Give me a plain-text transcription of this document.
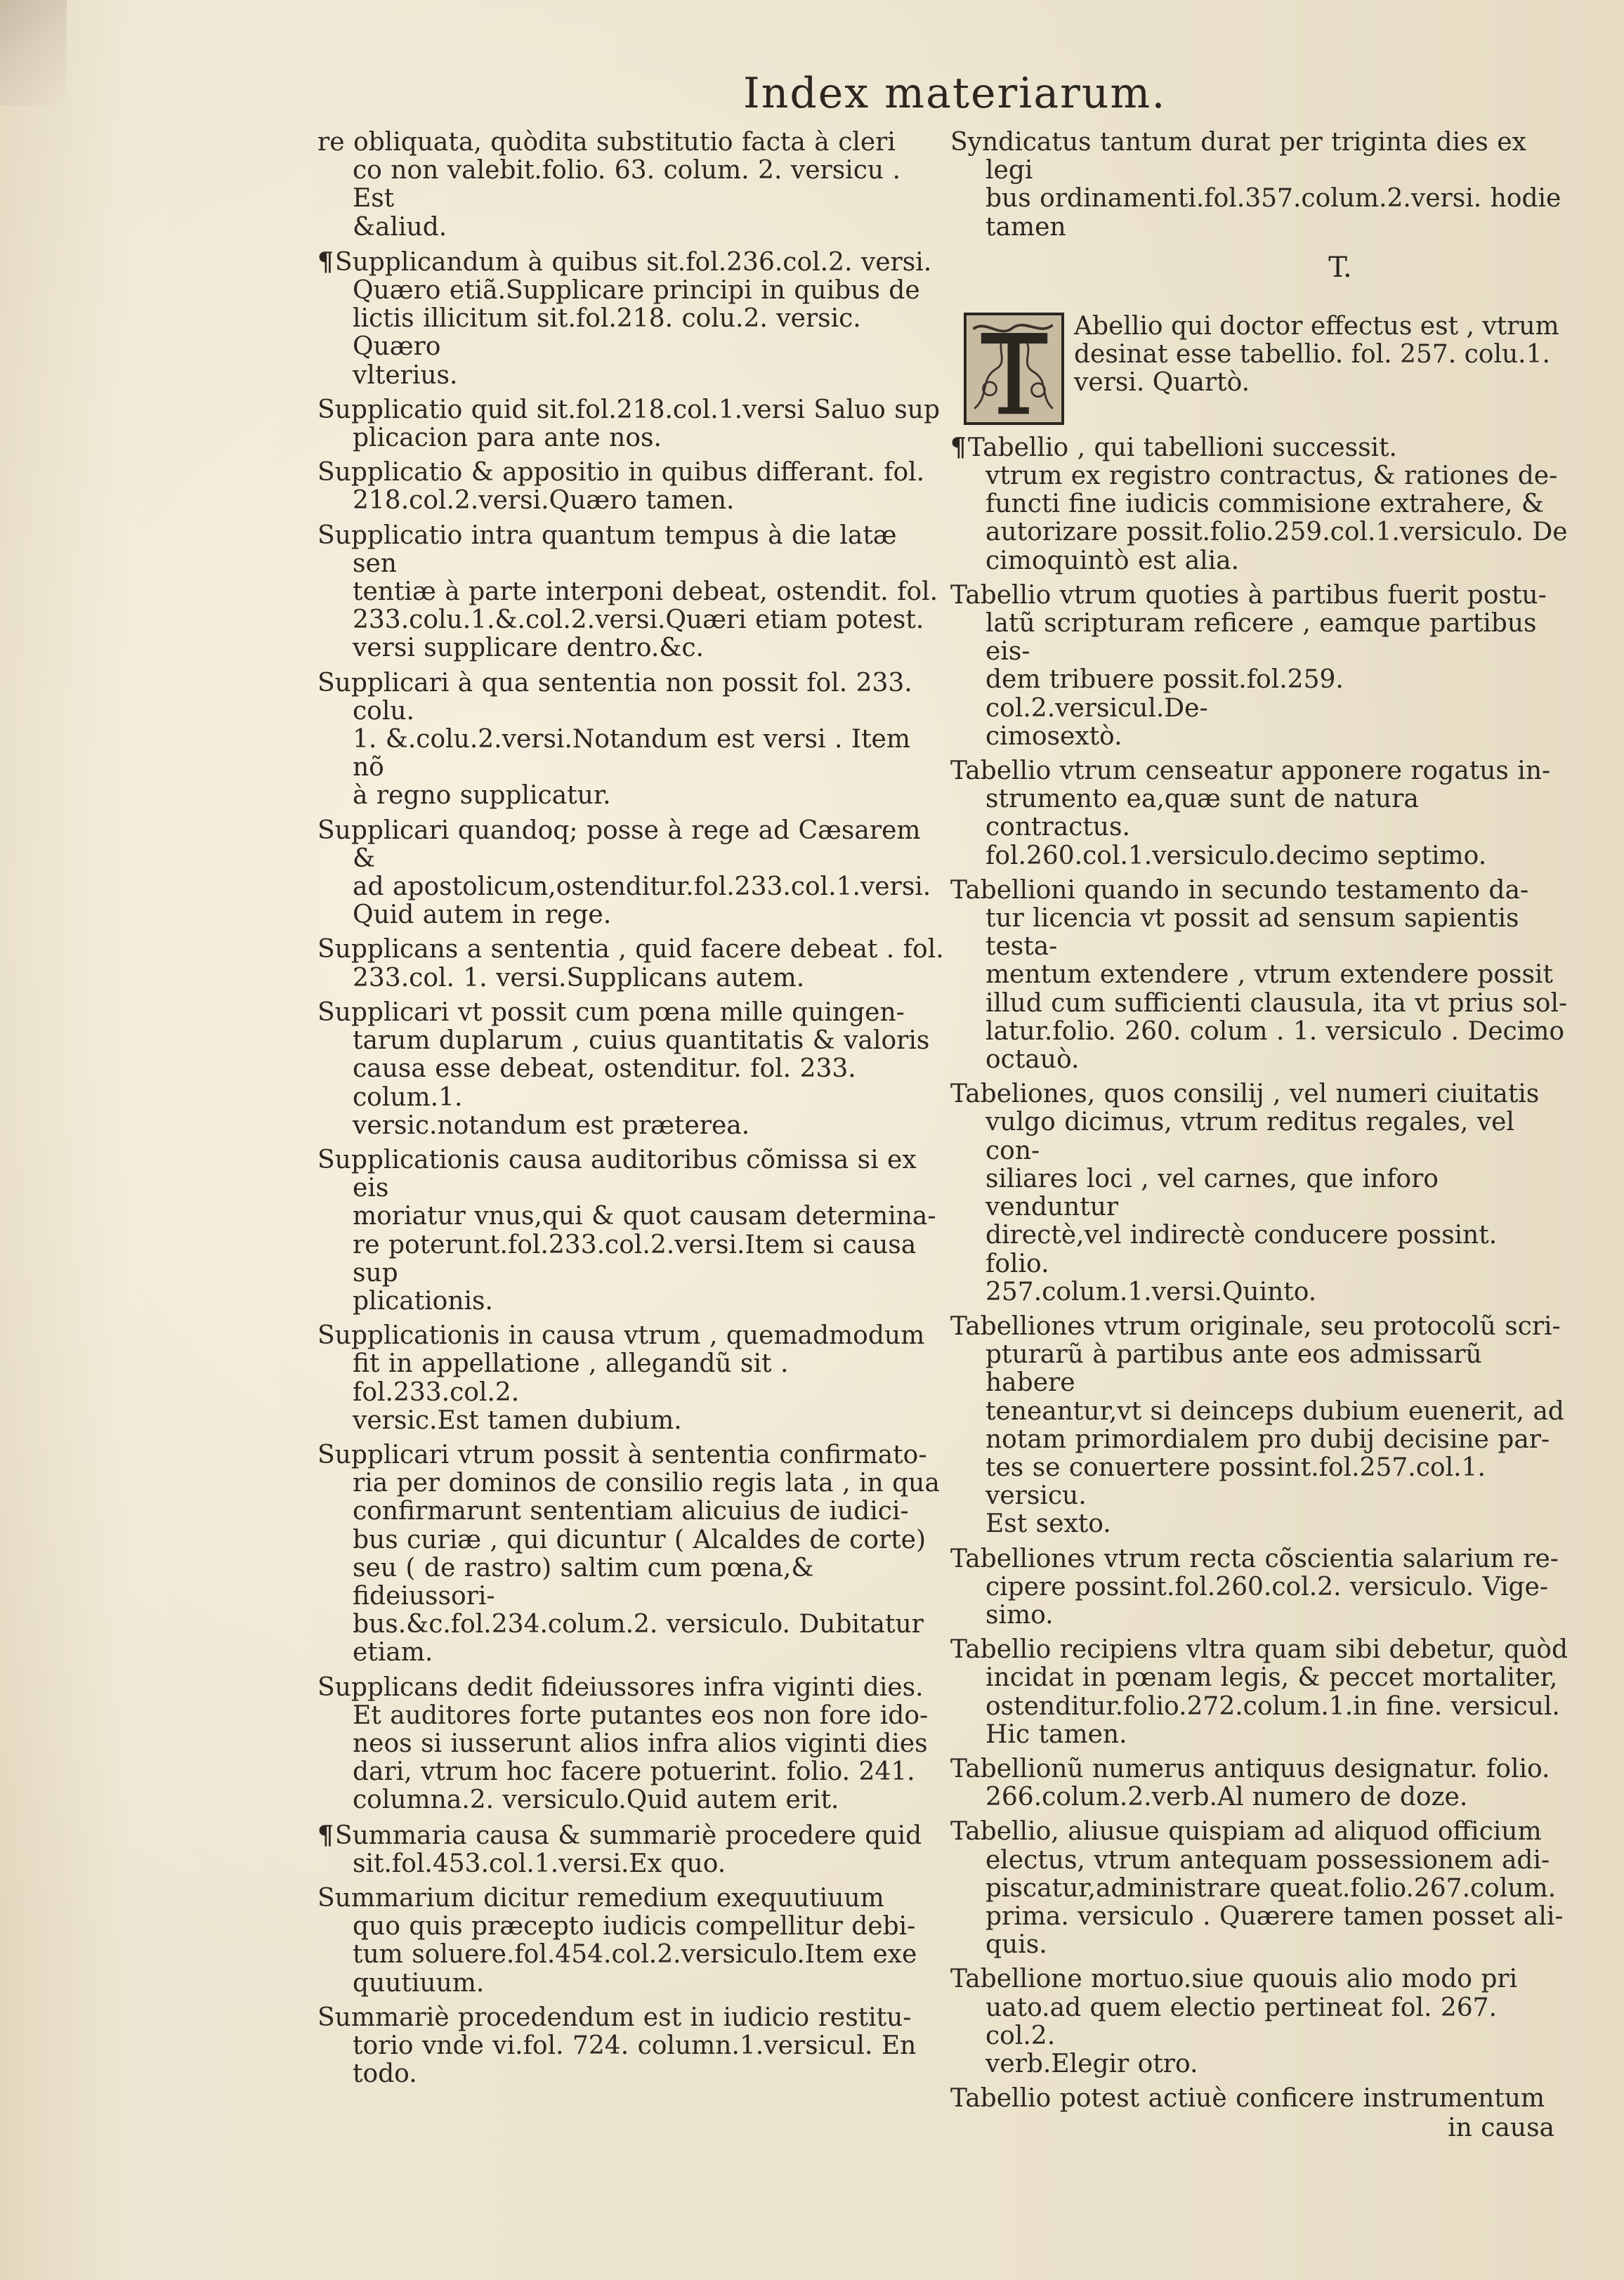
Index materiarum.
re obliquata, quòdita substitutio facta à cleri
co non valebit.folio. 63. colum. 2. versicu . Est
&aliud.
¶ Supplicandum à quibus sit.fol.236.col.2. versi.
Quæro etiã.Supplicare principi in quibus de
lictis illicitum sit.fol.218. colu.2. versic. Quæro
vlterius.
Supplicatio quid sit.fol.218.col.1.versi Saluo sup
plicacion para ante nos.
Supplicatio & appositio in quibus differant. fol.
218.col.2.versi.Quæro tamen.
Supplicatio intra quantum tempus à die latæ sen
tentiæ à parte interponi debeat, ostendit. fol.
233.colu.1.&.col.2.versi.Quæri etiam potest.
versi supplicare dentro.&c.
Supplicari à qua sententia non possit fol. 233. colu.
1. &.colu.2.versi.Notandum est versi . Item nõ
à regno supplicatur.
Supplicari quandoq; posse à rege ad Cæsarem &
ad apostolicum,ostenditur.fol.233.col.1.versi.
Quid autem in rege.
Supplicans a sententia , quid facere debeat . fol.
233.col. 1. versi.Supplicans autem.
Supplicari vt possit cum pœna mille quingen-
tarum duplarum , cuius quantitatis & valoris
causa esse debeat, ostenditur. fol. 233. colum.1.
versic.notandum est præterea.
Supplicationis causa auditoribus cõmissa si ex eis
moriatur vnus,qui & quot causam determina-
re poterunt.fol.233.col.2.versi.Item si causa sup
plicationis.
Supplicationis in causa vtrum , quemadmodum
fit in appellatione , allegandũ sit . fol.233.col.2.
versic.Est tamen dubium.
Supplicari vtrum possit à sententia confirmato-
ria per dominos de consilio regis lata , in qua
confirmarunt sententiam alicuius de iudici-
bus curiæ , qui dicuntur ( Alcaldes de corte)
seu ( de rastro) saltim cum pœna,& fideiussori-
bus.&c.fol.234.colum.2. versiculo. Dubitatur
etiam.
Supplicans dedit fideiussores infra viginti dies.
Et auditores forte putantes eos non fore ido-
neos si iusserunt alios infra alios viginti dies
dari, vtrum hoc facere potuerint. folio. 241.
columna.2. versiculo.Quid autem erit.
¶ Summaria causa & summariè procedere quid
sit.fol.453.col.1.versi.Ex quo.
Summarium dicitur remedium exequutiuum
quo quis præcepto iudicis compellitur debi-
tum soluere.fol.454.col.2.versiculo.Item exe
quutiuum.
Summariè procedendum est in iudicio restitu-
torio vnde vi.fol. 724. column.1.versicul. En
todo.
Syndicatus tantum durat per triginta dies ex legi
bus ordinamenti.fol.357.colum.2.versi. hodie
tamen
T.
Abellio qui doctor effectus est , vtrum
desinat esse tabellio. fol. 257. colu.1.
versi. Quartò.
¶ Tabellio , qui tabellioni successit.
vtrum ex registro contractus, & rationes de-
functi fine iudicis commisione extrahere, &
autorizare possit.folio.259.col.1.versiculo. De
cimoquintò est alia.
Tabellio vtrum quoties à partibus fuerit postu-
latũ scripturam reficere , eamque partibus eis-
dem tribuere possit.fol.259. col.2.versicul.De-
cimosextò.
Tabellio vtrum censeatur apponere rogatus in-
strumento ea,quæ sunt de natura contractus.
fol.260.col.1.versiculo.decimo septimo.
Tabellioni quando in secundo testamento da-
tur licencia vt possit ad sensum sapientis testa-
mentum extendere , vtrum extendere possit
illud cum sufficienti clausula, ita vt prius sol-
latur.folio. 260. colum . 1. versiculo . Decimo
octauò.
Tabeliones, quos consilij , vel numeri ciuitatis
vulgo dicimus, vtrum reditus regales, vel con-
siliares loci , vel carnes, que inforo venduntur
directè,vel indirectè conducere possint. folio.
257.colum.1.versi.Quinto.
Tabelliones vtrum originale, seu protocolũ scri-
pturarũ à partibus ante eos admissarũ habere
teneantur,vt si deinceps dubium euenerit, ad
notam primordialem pro dubij decisine par-
tes se conuertere possint.fol.257.col.1. versicu.
Est sexto.
Tabelliones vtrum recta cõscientia salarium re-
cipere possint.fol.260.col.2. versiculo. Vige-
simo.
Tabellio recipiens vltra quam sibi debetur, quòd
incidat in pœnam legis, & peccet mortaliter,
ostenditur.folio.272.colum.1.in fine. versicul.
Hic tamen.
Tabellionũ numerus antiquus designatur. folio.
266.colum.2.verb.Al numero de doze.
Tabellio, aliusue quispiam ad aliquod officium
electus, vtrum antequam possessionem adi-
piscatur,administrare queat.folio.267.colum.
prima. versiculo . Quærere tamen posset ali-
quis.
Tabellione mortuo.siue quouis alio modo pri
uato.ad quem electio pertineat fol. 267. col.2.
verb.Elegir otro.
Tabellio potest actiuè conficere instrumentum
in causa
